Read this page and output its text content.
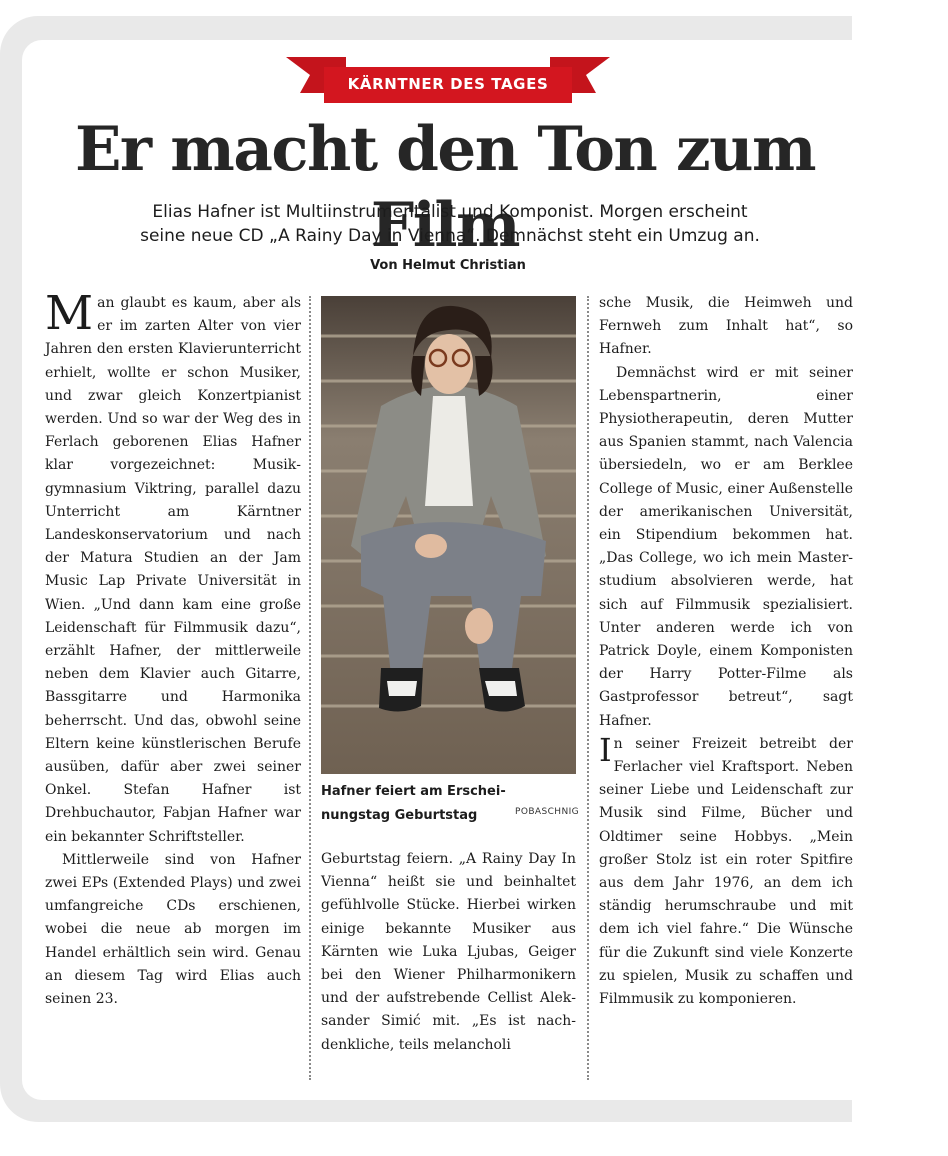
KÄRNTNER DES TAGES
Er macht den Ton zum Film
Elias Hafner ist Multiinstrumentalist und Komponist. Morgen erscheint
seine neue CD „A Rainy Day in Vienna“. Demnächst steht ein Umzug an.
Von Helmut Christian

Man glaubt es kaum, aber als er im zarten Alter von vier Jahren den ersten Klavierunterricht erhielt, wollte er schon Musiker, und zwar gleich Konzertpianist werden. Und so war der Weg des in Ferlach geborenen Elias Hafner klar vorgezeichnet: Musikgymnasium Viktring, parallel dazu Unterricht am Kärntner Landeskonservatorium und nach der Matura Studien an der Jam Music Lap Private Universität in Wien. „Und dann kam eine große Leidenschaft für Filmmusik dazu“, erzählt Hafner, der mittlerweile neben dem Klavier auch Gitarre, Bassgitarre und Harmonika beherrscht. Und das, obwohl seine Eltern keine künstlerischen Berufe ausüben, dafür aber zwei seiner Onkel. Stefan Hafner ist Drehbuchautor, Fabjan Hafner war ein bekannter Schriftsteller.

Mittlerweile sind von Hafner zwei EPs (Extended Plays) und zwei umfangreiche CDs erschienen, wobei die neue ab morgen im Handel erhältlich sein wird. Genau an diesem Tag wird Elias auch seinen 23.

Hafner feiert am Erschei-
nungstag Geburtstag	POBASCHNIG

Geburtstag feiern. „A Rainy Day In Vienna“ heißt sie und beinhaltet gefühlvolle Stücke. Hierbei wirken einige bekannte Musiker aus Kärnten wie Luka Ljubas, Geiger bei den Wiener Philharmonikern und der aufstrebende Cellist Aleksander Simić mit. „Es ist nachdenkliche, teils melancholi

sche Musik, die Heimweh und Fernweh zum Inhalt hat“, so Hafner.

Demnächst wird er mit seiner Lebenspartnerin, einer Physiotherapeutin, deren Mutter aus Spanien stammt, nach Valencia übersiedeln, wo er am Berklee College of Music, einer Außenstelle der amerikanischen Universität, ein Stipendium bekommen hat. „Das College, wo ich mein Masterstudium absolvieren werde, hat sich auf Filmmusik spezialisiert. Unter anderen werde ich von Patrick Doyle, einem Komponisten der Harry Potter-Filme als Gastprofessor betreut“, sagt Hafner.

In seiner Freizeit betreibt der Ferlacher viel Kraftsport. Neben seiner Liebe und Leidenschaft zur Musik sind Filme, Bücher und Oldtimer seine Hobbys. „Mein großer Stolz ist ein roter Spitfire aus dem Jahr 1976, an dem ich ständig herumschraube und mit dem ich viel fahre.“ Die Wünsche für die Zukunft sind viele Konzerte zu spielen, Musik zu schaffen und Filmmusik zu komponieren.
